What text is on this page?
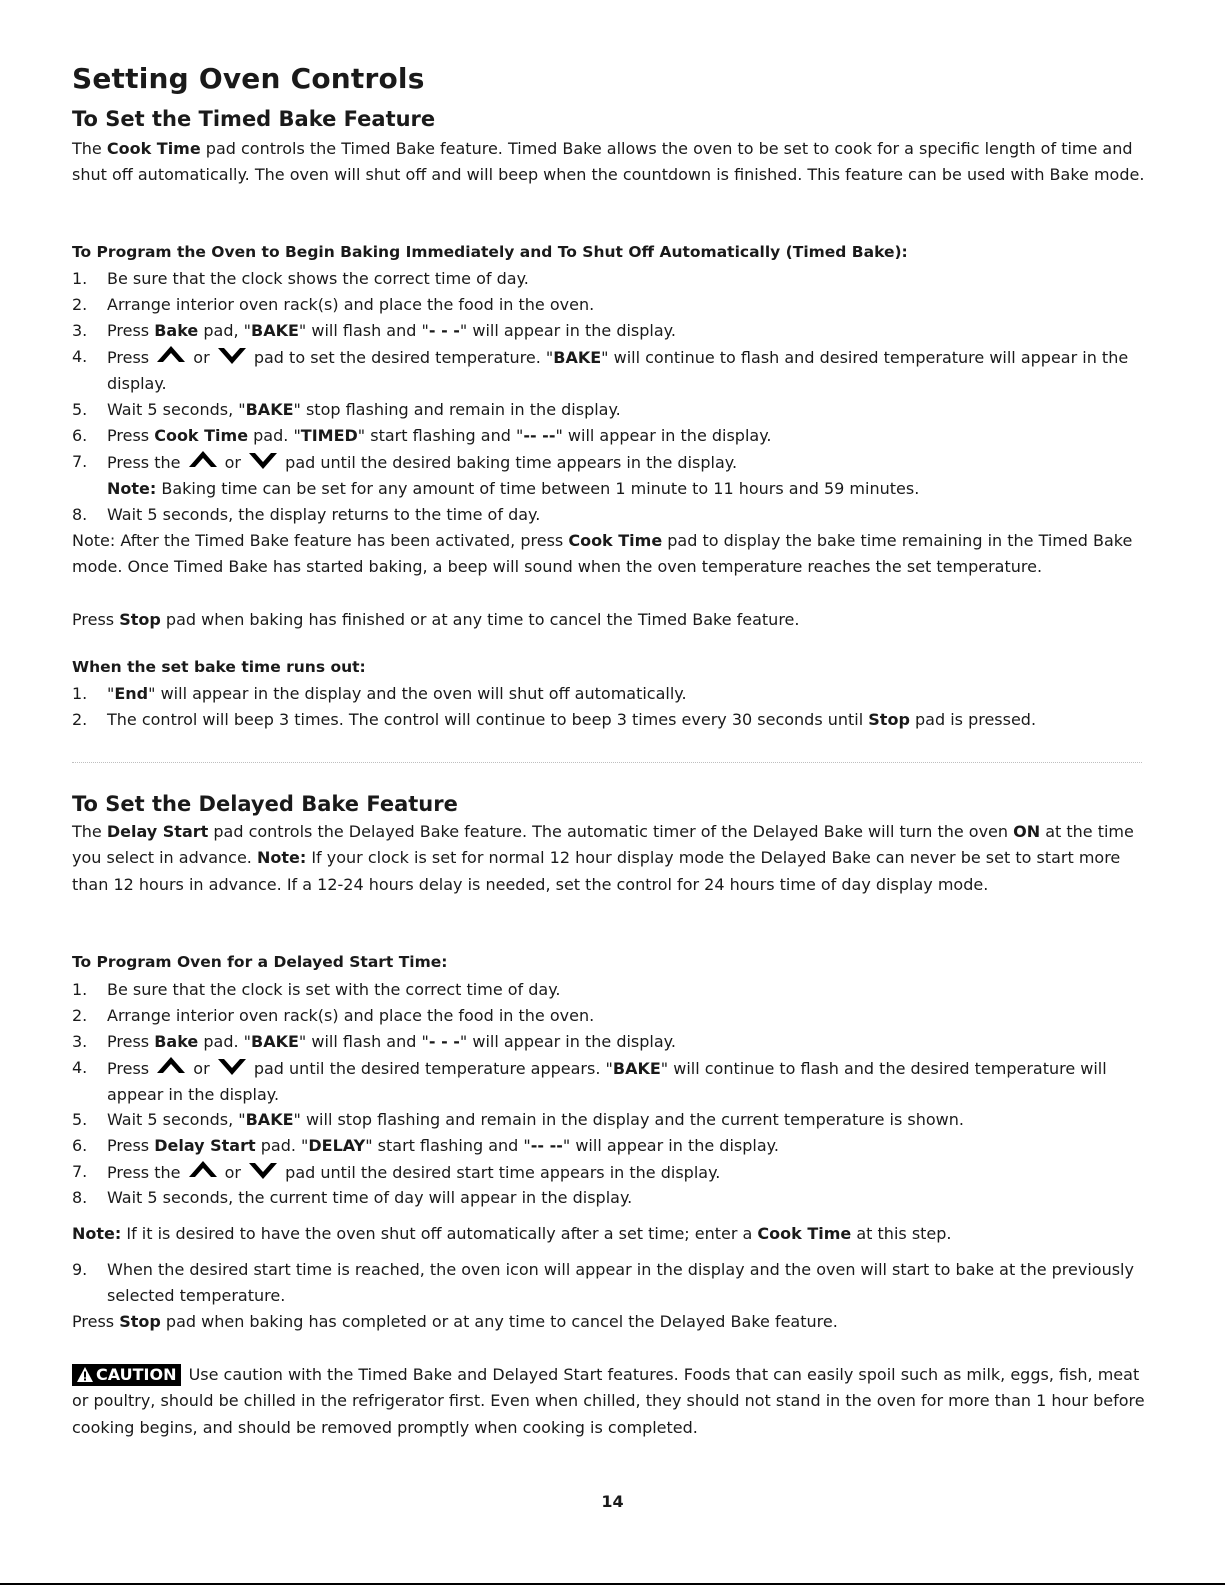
Setting Oven Controls
To Set the Timed Bake Feature
The Cook Time pad controls the Timed Bake feature. Timed Bake allows the oven to be set to cook for a specific length of time and shut off automatically. The oven will shut off and will beep when the countdown is finished. This feature can be used with Bake mode.
To Program the Oven to Begin Baking Immediately and To Shut Off Automatically (Timed Bake):
1. Be sure that the clock shows the correct time of day.
2. Arrange interior oven rack(s) and place the food in the oven.
3. Press Bake pad, "BAKE" will flash and "- - -" will appear in the display.
4. Press
or
pad to set the desired temperature. "BAKE" will continue to flash and desired temperature will appear in the display.
5. Wait 5 seconds, "BAKE" stop flashing and remain in the display.
6. Press Cook Time pad. "TIMED" start flashing and "-- --" will appear in the display.
7. Press the
or
pad until the desired baking time appears in the display.
Note: Baking time can be set for any amount of time between 1 minute to 11 hours and 59 minutes.
8. Wait 5 seconds, the display returns to the time of day.
Note: After the Timed Bake feature has been activated, press Cook Time pad to display the bake time remaining in the Timed Bake mode. Once Timed Bake has started baking, a beep will sound when the oven temperature reaches the set temperature.
Press Stop pad when baking has finished or at any time to cancel the Timed Bake feature.
When the set bake time runs out:
1. "End" will appear in the display and the oven will shut off automatically.
2. The control will beep 3 times. The control will continue to beep 3 times every 30 seconds until Stop pad is pressed.
To Set the Delayed Bake Feature
The Delay Start pad controls the Delayed Bake feature. The automatic timer of the Delayed Bake will turn the oven ON at the time you select in advance. Note: If your clock is set for normal 12 hour display mode the Delayed Bake can never be set to start more than 12 hours in advance. If a 12-24 hours delay is needed, set the control for 24 hours time of day display mode.
To Program Oven for a Delayed Start Time:
1. Be sure that the clock is set with the correct time of day.
2. Arrange interior oven rack(s) and place the food in the oven.
3. Press Bake pad. "BAKE" will flash and "- - -" will appear in the display.
4. Press
or
pad until the desired temperature appears. "BAKE" will continue to flash and the desired temperature will appear in the display.
5. Wait 5 seconds, "BAKE" will stop flashing and remain in the display and the current temperature is shown.
6. Press Delay Start pad. "DELAY" start flashing and "-- --" will appear in the display.
7. Press the
or
pad until the desired start time appears in the display.
8. Wait 5 seconds, the current time of day will appear in the display.
Note: If it is desired to have the oven shut off automatically after a set time; enter a Cook Time at this step.
9. When the desired start time is reached, the oven icon will appear in the display and the oven will start to bake at the previously selected temperature.
Press Stop pad when baking has completed or at any time to cancel the Delayed Bake feature.
CAUTION Use caution with the Timed Bake and Delayed Start features. Foods that can easily spoil such as milk, eggs, fish, meat or poultry, should be chilled in the refrigerator first. Even when chilled, they should not stand in the oven for more than 1 hour before cooking begins, and should be removed promptly when cooking is completed.
14
